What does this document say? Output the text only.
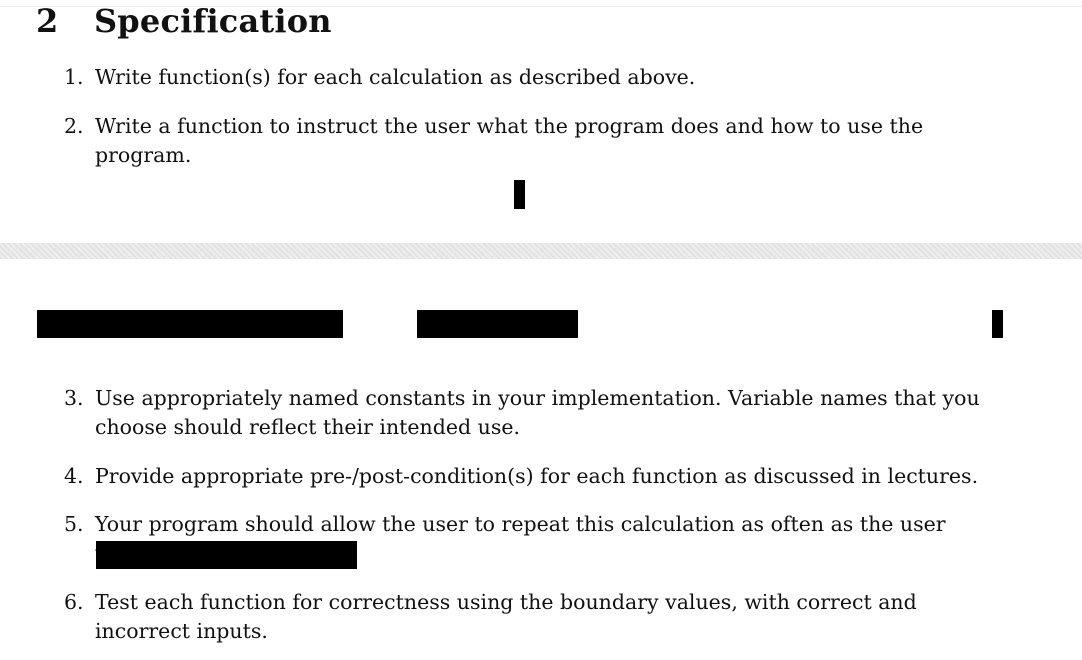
2 Specification
1. Write function(s) for each calculation as described above.
2. Write a function to instruct the user what the program does and how to use the program.
3. Use appropriately named constants in your implementation. Variable names that you choose should reflect their intended use.
4. Provide appropriate pre-/post-condition(s) for each function as discussed in lectures.
5. Your program should allow the user to repeat this calculation as often as the user
6. Test each function for correctness using the boundary values, with correct and incorrect inputs.
